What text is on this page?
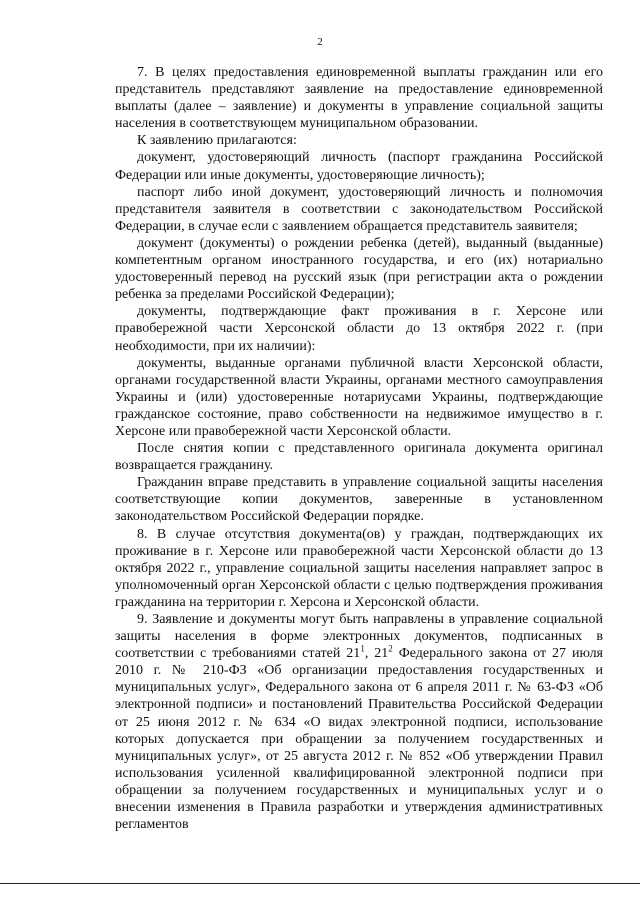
2

7. В целях предоставления единовременной выплаты гражданин или его представитель представляют заявление на предоставление единовременной выплаты (далее – заявление) и документы в управление социальной защиты населения в соответствующем муниципальном образовании.

К заявлению прилагаются:

документ, удостоверяющий личность (паспорт гражданина Российской Федерации или иные документы, удостоверяющие личность);

паспорт либо иной документ, удостоверяющий личность и полномочия представителя заявителя в соответствии с законодательством Российской Федерации, в случае если с заявлением обращается представитель заявителя;

документ (документы) о рождении ребенка (детей), выданный (выданные) компетентным органом иностранного государства, и его (их) нотариально удостоверенный перевод на русский язык (при регистрации акта о рождении ребенка за пределами Российской Федерации);

документы, подтверждающие факт проживания в г. Херсоне или правобережной части Херсонской области до 13 октября 2022 г. (при необходимости, при их наличии):

документы, выданные органами публичной власти Херсонской области, органами государственной власти Украины, органами местного самоуправления Украины и (или) удостоверенные нотариусами Украины, подтверждающие гражданское состояние, право собственности на недвижимое имущество в г. Херсоне или правобережной части Херсонской области.

После снятия копии с представленного оригинала документа оригинал возвращается гражданину.

Гражданин вправе представить в управление социальной защиты населения соответствующие копии документов, заверенные в установленном законодательством Российской Федерации порядке.

8. В случае отсутствия документа(ов) у граждан, подтверждающих их проживание в г. Херсоне или правобережной части Херсонской области до 13 октября 2022 г., управление социальной защиты населения направляет запрос в уполномоченный орган Херсонской области с целью подтверждения проживания гражданина на территории г. Херсона и Херсонской области.

9. Заявление и документы могут быть направлены в управление социальной защиты населения в форме электронных документов, подписанных в соответствии с требованиями статей $21^1$, $21^2$ Федерального закона от 27 июля 2010 г. № 210-ФЗ «Об организации предоставления государственных и муниципальных услуг», Федерального закона от 6 апреля 2011 г. № 63-ФЗ «Об электронной подписи» и постановлений Правительства Российской Федерации от 25 июня 2012 г. № 634 «О видах электронной подписи, использование которых допускается при обращении за получением государственных и муниципальных услуг», от 25 августа 2012 г. № 852 «Об утверждении Правил использования усиленной квалифицированной электронной подписи при обращении за получением государственных и муниципальных услуг и о внесении изменения в Правила разработки и утверждения административных регламентов
